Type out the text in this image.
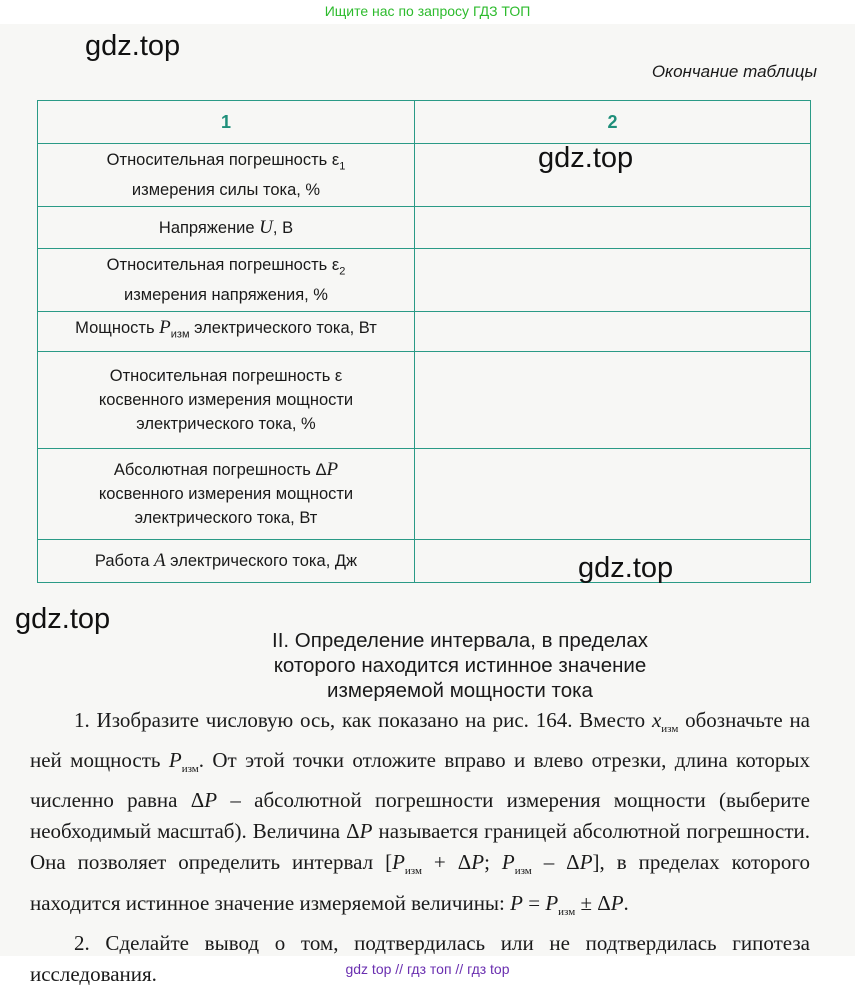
Ищите нас по запросу ГДЗ ТОП
gdz.top
gdz.top
Окончание таблицы
1	2

Относительная погрешность $\varepsilon_1$
измерения силы тока, %	

Напряжение U, В	

Относительная погрешность $\varepsilon_2$
измерения напряжения, %	

Мощность $P_{изм}$ электрического тока, Вт	

Относительная погрешность ε
косвенного измерения мощности
электрического тока, %	

Абсолютная погрешность ΔP
косвенного измерения мощности
электрического тока, Вт	

Работа A электрического тока, Дж	
		gdz.top
gdz.top
II. Определение интервала, в пределах
которого находится истинное значение
измеряемой мощности тока

1. Изобразите числовую ось, как показано на рис. 164. Вместо $x_{изм}$ обозначьте на ней мощность $P_{изм}$. От этой точки отложите вправо и влево отрезки, длина которых численно равна ΔP – абсолютной погрешности измерения мощности (выберите необходимый масштаб). Величина ΔP называется границей абсолютной погрешности. Она позволяет определить интервал [$P_{изм} + \Delta P$; $P_{изм} - \Delta P$], в пределах которого находится истинное значение измеряемой величины: $P = P_{изм} \pm \Delta P$.

2. Сделайте вывод о том, подтвердилась или не подтвердилась гипотеза исследования.	gdz top // гдз топ // гдз top
